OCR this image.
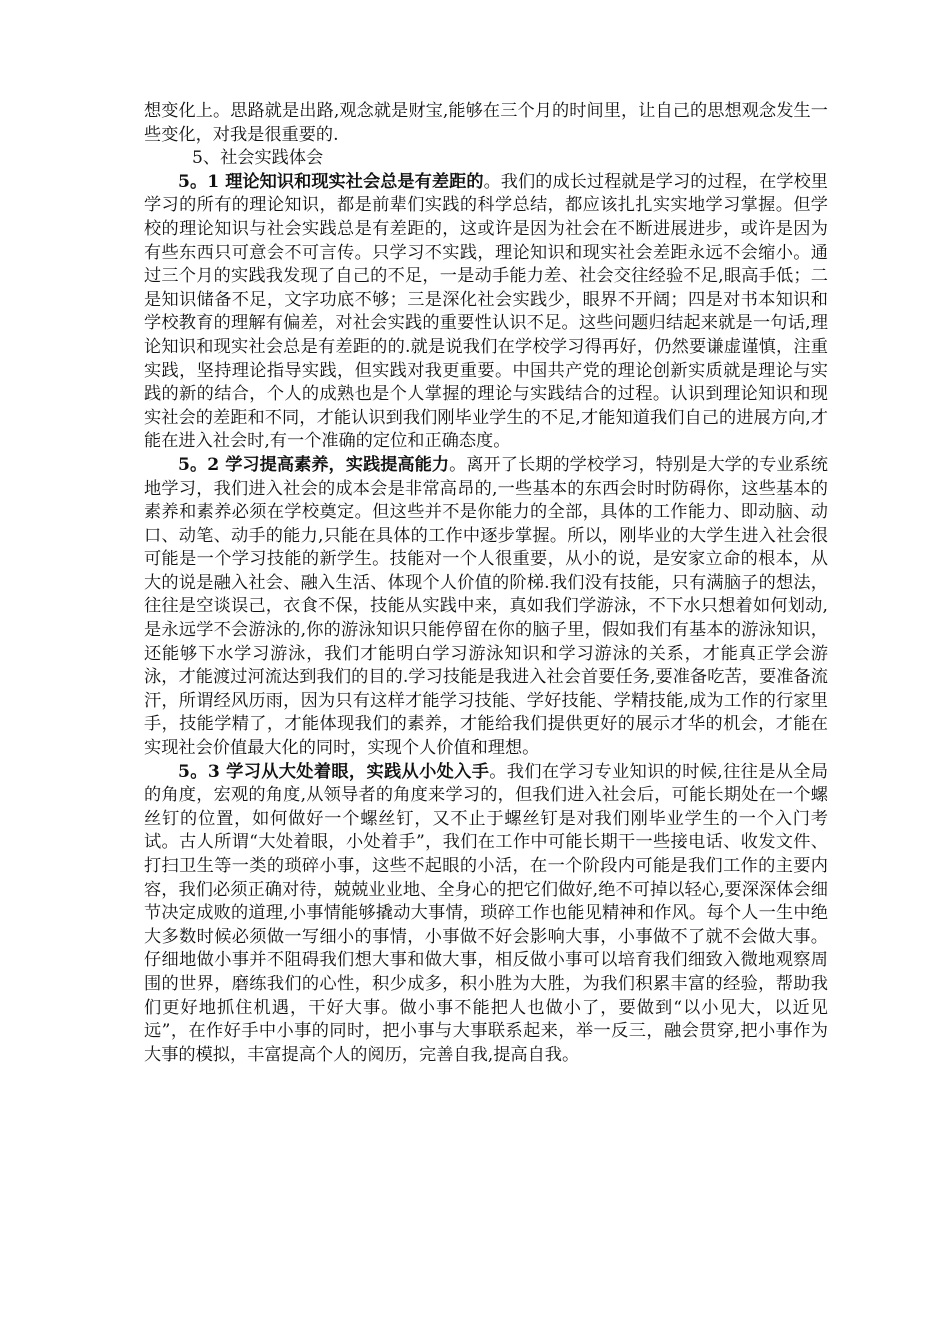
想变化上。思路就是出路,观念就是财宝,能够在三个月的时间里，让自己的思想观念发生一些变化，对我是很重要的.

5、社会实践体会

5。1 理论知识和现实社会总是有差距的。我们的成长过程就是学习的过程，在学校里学习的所有的理论知识，都是前辈们实践的科学总结，都应该扎扎实实地学习掌握。但学校的理论知识与社会实践总是有差距的，这或许是因为社会在不断进展进步，或许是因为有些东西只可意会不可言传。只学习不实践，理论知识和现实社会差距永远不会缩小。通过三个月的实践我发现了自己的不足，一是动手能力差、社会交往经验不足,眼高手低；二是知识储备不足，文字功底不够；三是深化社会实践少，眼界不开阔；四是对书本知识和学校教育的理解有偏差，对社会实践的重要性认识不足。这些问题归结起来就是一句话,理论知识和现实社会总是有差距的的.就是说我们在学校学习得再好，仍然要谦虚谨慎，注重实践，坚持理论指导实践，但实践对我更重要。中国共产党的理论创新实质就是理论与实践的新的结合，个人的成熟也是个人掌握的理论与实践结合的过程。认识到理论知识和现实社会的差距和不同，才能认识到我们刚毕业学生的不足,才能知道我们自己的进展方向,才能在进入社会时,有一个准确的定位和正确态度。

5。2 学习提高素养，实践提高能力。离开了长期的学校学习，特别是大学的专业系统地学习，我们进入社会的成本会是非常高昂的,一些基本的东西会时时防碍你，这些基本的素养和素养必须在学校奠定。但这些并不是你能力的全部，具体的工作能力、即动脑、动口、动笔、动手的能力,只能在具体的工作中逐步掌握。所以，刚毕业的大学生进入社会很可能是一个学习技能的新学生。技能对一个人很重要，从小的说，是安家立命的根本，从大的说是融入社会、融入生活、体现个人价值的阶梯.我们没有技能，只有满脑子的想法，往往是空谈误己，衣食不保，技能从实践中来，真如我们学游泳，不下水只想着如何划动,是永远学不会游泳的,你的游泳知识只能停留在你的脑子里，假如我们有基本的游泳知识，还能够下水学习游泳，我们才能明白学习游泳知识和学习游泳的关系，才能真正学会游泳，才能渡过河流达到我们的目的.学习技能是我进入社会首要任务,要准备吃苦，要准备流汗，所谓经风历雨，因为只有这样才能学习技能、学好技能、学精技能,成为工作的行家里手，技能学精了，才能体现我们的素养，才能给我们提供更好的展示才华的机会，才能在实现社会价值最大化的同时，实现个人价值和理想。

5。3 学习从大处着眼，实践从小处入手。我们在学习专业知识的时候,往往是从全局的角度，宏观的角度,从领导者的角度来学习的，但我们进入社会后，可能长期处在一个螺丝钉的位置，如何做好一个螺丝钉，又不止于螺丝钉是对我们刚毕业学生的一个入门考试。古人所谓“大处着眼，小处着手”，我们在工作中可能长期干一些接电话、收发文件、打扫卫生等一类的琐碎小事，这些不起眼的小活，在一个阶段内可能是我们工作的主要内容，我们必须正确对待，兢兢业业地、全身心的把它们做好,绝不可掉以轻心,要深深体会细节决定成败的道理,小事情能够撬动大事情，琐碎工作也能见精神和作风。每个人一生中绝大多数时候必须做一写细小的事情，小事做不好会影响大事，小事做不了就不会做大事。仔细地做小事并不阻碍我们想大事和做大事，相反做小事可以培育我们细致入微地观察周围的世界，磨练我们的心性，积少成多，积小胜为大胜，为我们积累丰富的经验，帮助我们更好地抓住机遇，干好大事。做小事不能把人也做小了，要做到“以小见大，以近见远”，在作好手中小事的同时，把小事与大事联系起来，举一反三，融会贯穿,把小事作为大事的模拟，丰富提高个人的阅历，完善自我,提高自我。
